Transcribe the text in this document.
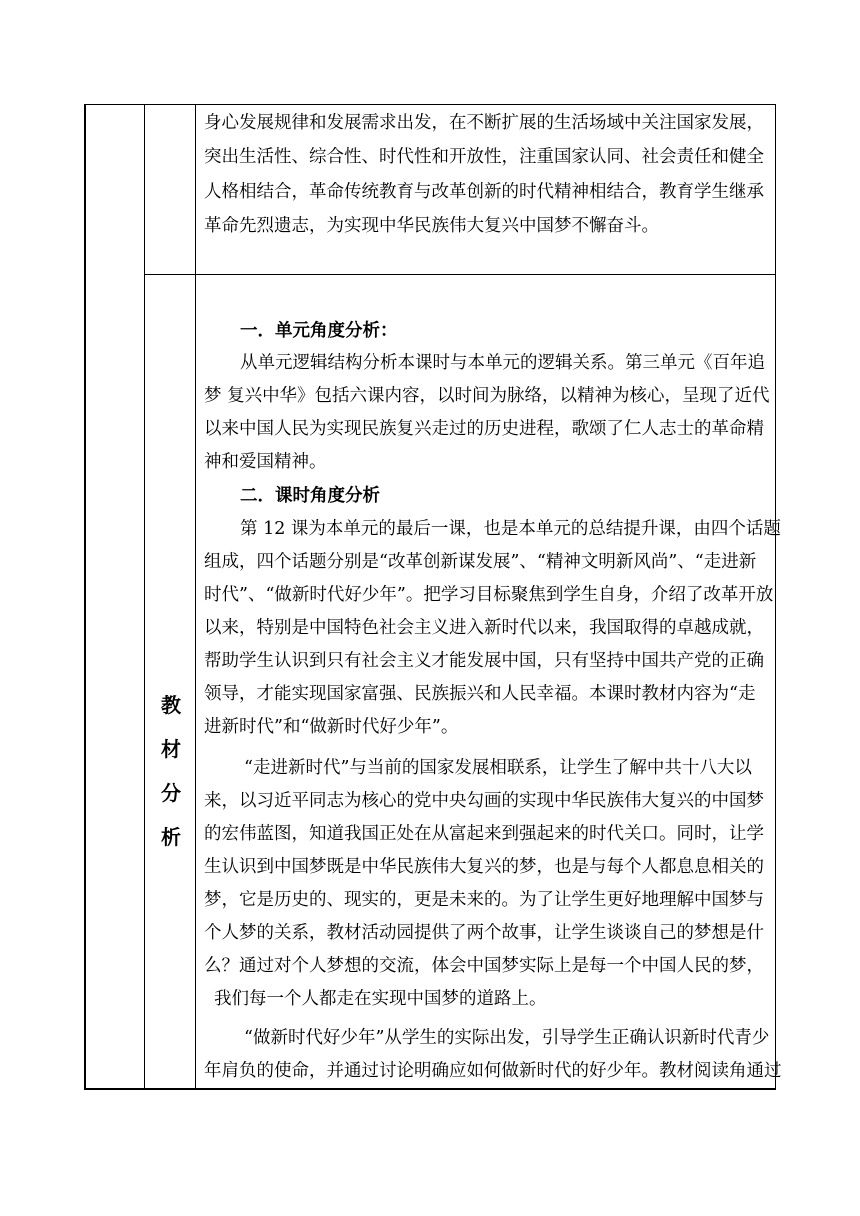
身心发展规律和发展需求出发，在不断扩展的生活场域中关注国家发展，
突出生活性、综合性、时代性和开放性，注重国家认同、社会责任和健全
人格相结合，革命传统教育与改革创新的时代精神相结合，教育学生继承
革命先烈遗志，为实现中华民族伟大复兴中国梦不懈奋斗。
教
材
分
析
一．单元角度分析：
从单元逻辑结构分析本课时与本单元的逻辑关系。第三单元《百年追
梦 复兴中华》包括六课内容，以时间为脉络，以精神为核心，呈现了近代
以来中国人民为实现民族复兴走过的历史进程，歌颂了仁人志士的革命精
神和爱国精神。
二．课时角度分析
第 12 课为本单元的最后一课，也是本单元的总结提升课，由四个话题
组成，四个话题分别是“改革创新谋发展”、“精神文明新风尚”、“走进新
时代”、“做新时代好少年”。把学习目标聚焦到学生自身，介绍了改革开放
以来，特别是中国特色社会主义进入新时代以来，我国取得的卓越成就，
帮助学生认识到只有社会主义才能发展中国，只有坚持中国共产党的正确
领导，才能实现国家富强、民族振兴和人民幸福。本课时教材内容为“走
进新时代”和“做新时代好少年”。
“走进新时代”与当前的国家发展相联系，让学生了解中共十八大以
来，以习近平同志为核心的党中央勾画的实现中华民族伟大复兴的中国梦
的宏伟蓝图，知道我国正处在从富起来到强起来的时代关口。同时，让学
生认识到中国梦既是中华民族伟大复兴的梦，也是与每个人都息息相关的
梦，它是历史的、现实的，更是未来的。为了让学生更好地理解中国梦与
个人梦的关系，教材活动园提供了两个故事，让学生谈谈自己的梦想是什
么？通过对个人梦想的交流，体会中国梦实际上是每一个中国人民的梦，
我们每一个人都走在实现中国梦的道路上。
“做新时代好少年”从学生的实际出发，引导学生正确认识新时代青少
年肩负的使命，并通过讨论明确应如何做新时代的好少年。教材阅读角通过
